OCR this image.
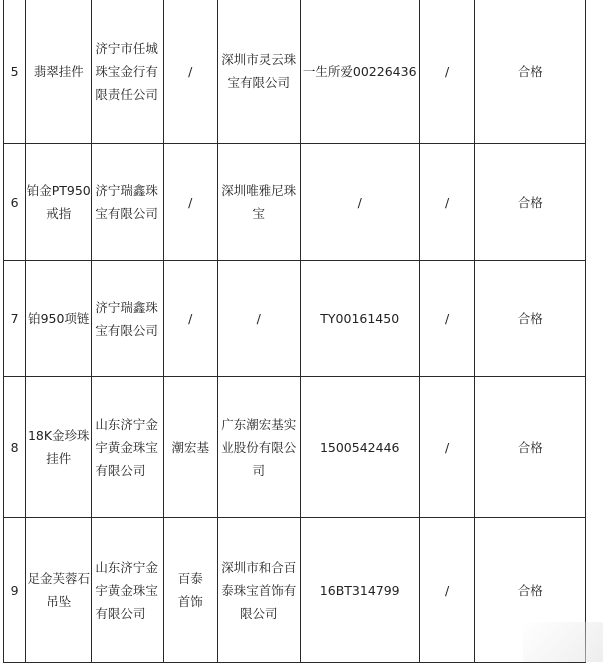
5	翡翠挂件	济宁市任城珠宝金行有限责任公司	/	深圳市灵云珠宝有限公司	一生所爱00226436	/	合格
6	铂金PT950戒指	济宁瑞鑫珠宝有限公司	/	深圳唯雅尼珠宝	/	/	合格
7	铂950项链	济宁瑞鑫珠宝有限公司	/	/	TY00161450	/	合格
8	18K金珍珠挂件	山东济宁金宇黄金珠宝有限公司	潮宏基	广东潮宏基实业股份有限公司	1500542446	/	合格
9	足金芙蓉石吊坠	山东济宁金宇黄金珠宝有限公司	百泰首饰	深圳市和合百泰珠宝首饰有限公司	16BT314799	/	合格
